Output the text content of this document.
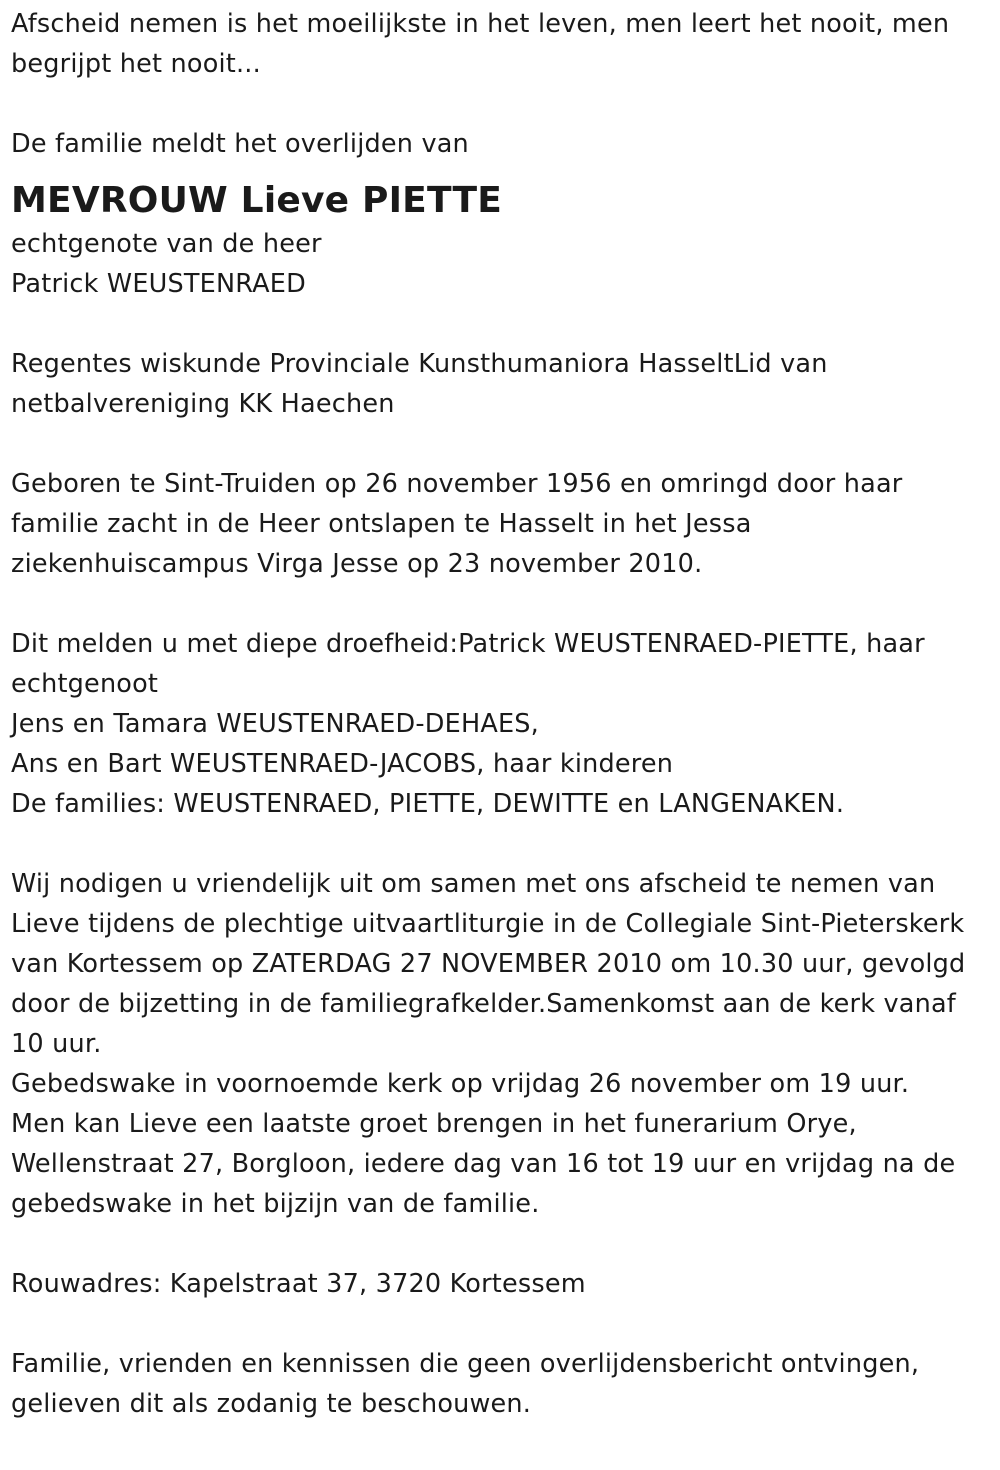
Afscheid nemen is het moeilijkste in het leven, men leert het nooit, men
begrijpt het nooit...

De familie meldt het overlijden van

MEVROUW Lieve PIETTE

echtgenote van de heer
Patrick WEUSTENRAED

Regentes wiskunde Provinciale Kunsthumaniora HasseltLid van
netbalvereniging KK Haechen

Geboren te Sint-Truiden op 26 november 1956 en omringd door haar
familie zacht in de Heer ontslapen te Hasselt in het Jessa
ziekenhuiscampus Virga Jesse op 23 november 2010.

Dit melden u met diepe droefheid:Patrick WEUSTENRAED-PIETTE, haar
echtgenoot
Jens en Tamara WEUSTENRAED-DEHAES,
Ans en Bart WEUSTENRAED-JACOBS, haar kinderen
De families: WEUSTENRAED, PIETTE, DEWITTE en LANGENAKEN.

Wij nodigen u vriendelijk uit om samen met ons afscheid te nemen van
Lieve tijdens de plechtige uitvaartliturgie in de Collegiale Sint-Pieterskerk
van Kortessem op ZATERDAG 27 NOVEMBER 2010 om 10.30 uur, gevolgd
door de bijzetting in de familiegrafkelder.Samenkomst aan de kerk vanaf
10 uur.
Gebedswake in voornoemde kerk op vrijdag 26 november om 19 uur.
Men kan Lieve een laatste groet brengen in het funerarium Orye,
Wellenstraat 27, Borgloon, iedere dag van 16 tot 19 uur en vrijdag na de
gebedswake in het bijzijn van de familie.

Rouwadres: Kapelstraat 37, 3720 Kortessem

Familie, vrienden en kennissen die geen overlijdensbericht ontvingen,
gelieven dit als zodanig te beschouwen.
